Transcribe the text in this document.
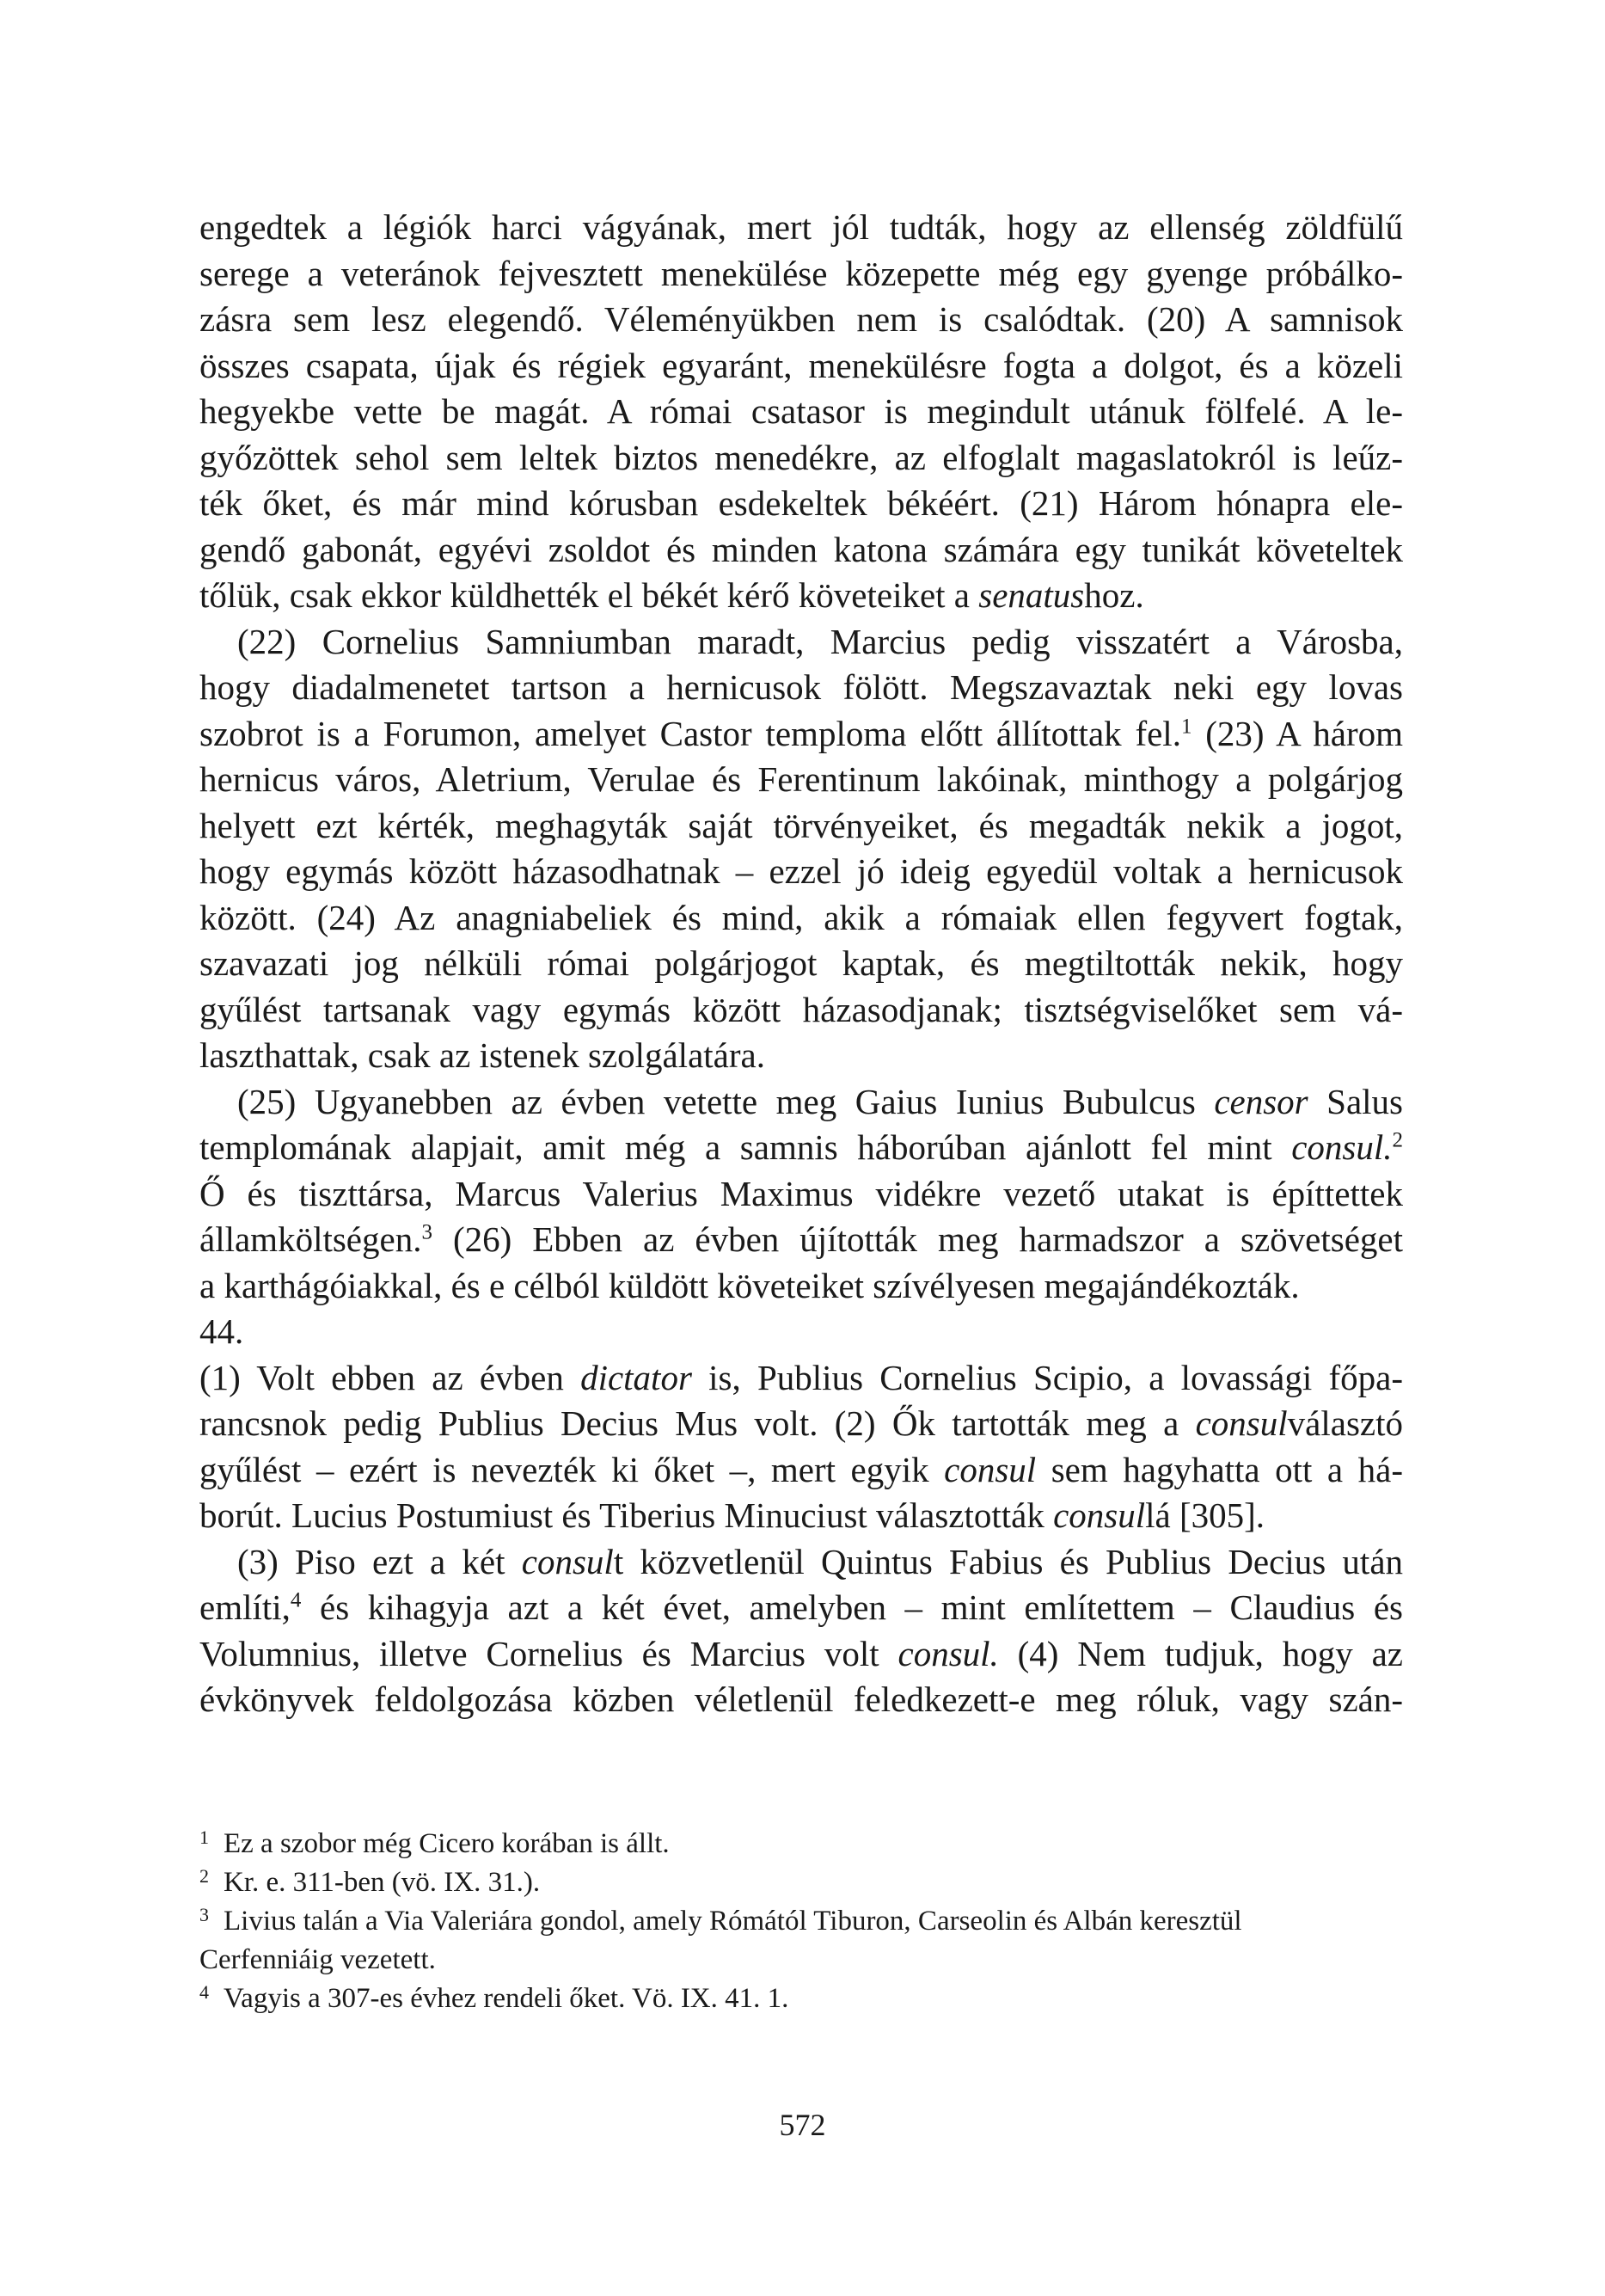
engedtek a légiók harci vágyának, mert jól tudták, hogy az ellenség zöldfülű
serege a veteránok fejvesztett menekülése közepette még egy gyenge próbálko-
zásra sem lesz elegendő. Véleményükben nem is csalódtak. (20) A samnisok
összes csapata, újak és régiek egyaránt, menekülésre fogta a dolgot, és a közeli
hegyekbe vette be magát. A római csatasor is megindult utánuk fölfelé. A le-
győzöttek sehol sem leltek biztos menedékre, az elfoglalt magaslatokról is leűz-
ték őket, és már mind kórusban esdekeltek békéért. (21) Három hónapra ele-
gendő gabonát, egyévi zsoldot és minden katona számára egy tunikát követeltek
tőlük, csak ekkor küldhették el békét kérő követeiket a senatushoz.
(22) Cornelius Samniumban maradt, Marcius pedig visszatért a Városba,
hogy diadalmenetet tartson a hernicusok fölött. Megszavaztak neki egy lovas
szobrot is a Forumon, amelyet Castor temploma előtt állítottak fel.$^1$ (23) A három
hernicus város, Aletrium, Verulae és Ferentinum lakóinak, minthogy a polgárjog
helyett ezt kérték, meghagyták saját törvényeiket, és megadták nekik a jogot,
hogy egymás között házasodhatnak – ezzel jó ideig egyedül voltak a hernicusok
között. (24) Az anagniabeliek és mind, akik a rómaiak ellen fegyvert fogtak,
szavazati jog nélküli római polgárjogot kaptak, és megtiltották nekik, hogy
gyűlést tartsanak vagy egymás között házasodjanak; tisztségviselőket sem vá-
laszthattak, csak az istenek szolgálatára.
(25) Ugyanebben az évben vetette meg Gaius Iunius Bubulcus censor Salus
templomának alapjait, amit még a samnis háborúban ajánlott fel mint consul.$^2$
Ő és tiszttársa, Marcus Valerius Maximus vidékre vezető utakat is építtettek
államköltségen.$^3$ (26) Ebben az évben újították meg harmadszor a szövetséget
a karthágóiakkal, és e célból küldött követeiket szívélyesen megajándékozták.
44.
(1) Volt ebben az évben dictator is, Publius Cornelius Scipio, a lovassági főpa-
rancsnok pedig Publius Decius Mus volt. (2) Ők tartották meg a consulválasztó
gyűlést – ezért is nevezték ki őket –, mert egyik consul sem hagyhatta ott a há-
borút. Lucius Postumiust és Tiberius Minuciust választották consullá [305].
(3) Piso ezt a két consult közvetlenül Quintus Fabius és Publius Decius után
említi,$^4$ és kihagyja azt a két évet, amelyben – mint említettem – Claudius és
Volumnius, illetve Cornelius és Marcius volt consul. (4) Nem tudjuk, hogy az
évkönyvek feldolgozása közben véletlenül feledkezett-e meg róluk, vagy szán-
1 Ez a szobor még Cicero korában is állt.
2 Kr. e. 311-ben (vö. IX. 31.).
3 Livius talán a Via Valeriára gondol, amely Rómától Tiburon, Carseolin és Albán keresztül
Cerfenniáig vezetett.
4 Vagyis a 307-es évhez rendeli őket. Vö. IX. 41. 1.
572
